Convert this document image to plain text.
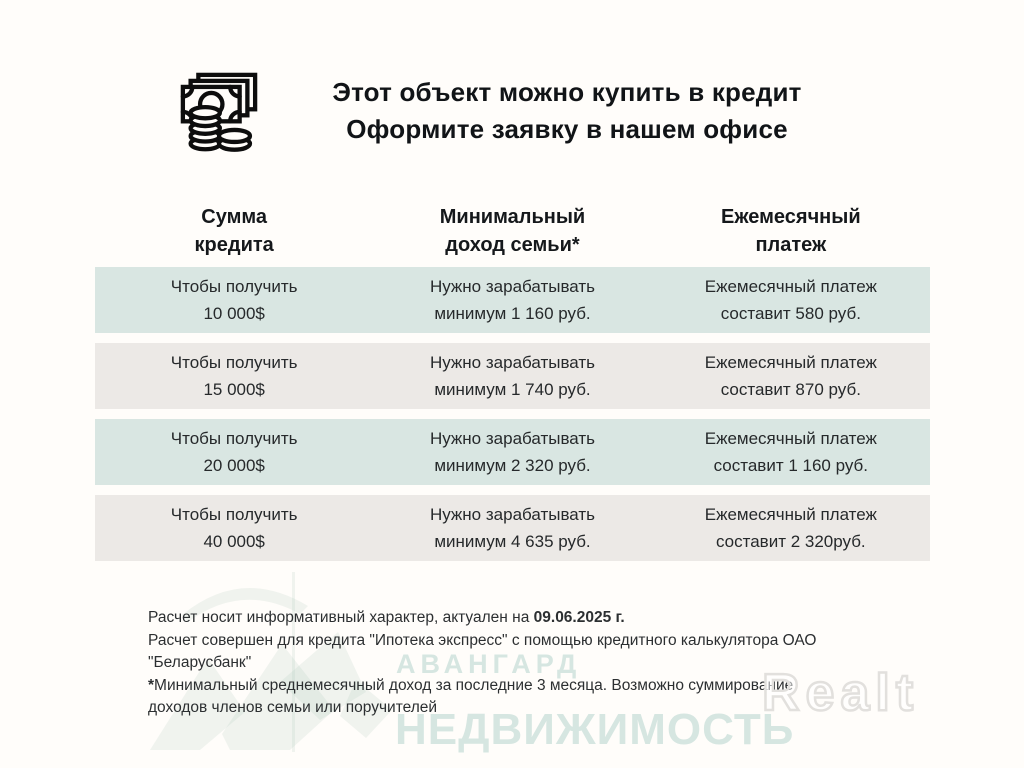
АВАНГАРД
НЕДВИЖИМОСТЬ
Этот объект можно купить в кредит
Оформите заявку в нашем офисе
Сумма
кредита
Минимальный
доход семьи*
Ежемесячный
платеж
Чтобы получить
10 000$
Нужно зарабатывать
минимум 1 160 руб.
Ежемесячный платеж
составит 580 руб.
Чтобы получить
15 000$
Нужно зарабатывать
минимум 1 740 руб.
Ежемесячный платеж
составит 870 руб.
Чтобы получить
20 000$
Нужно зарабатывать
минимум 2 320 руб.
Ежемесячный платеж
составит 1 160 руб.
Чтобы получить
40 000$
Нужно зарабатывать
минимум 4 635 руб.
Ежемесячный платеж
составит 2 320руб.
Расчет носит информативный характер, актуален на 09.06.2025 г.
Расчет совершен для кредита "Ипотека экспресс" с помощью кредитного калькулятора ОАО
"Беларусбанк"
*Минимальный среднемесячный доход за последние 3 месяца. Возможно суммирование
доходов членов семьи или поручителей	Realt
